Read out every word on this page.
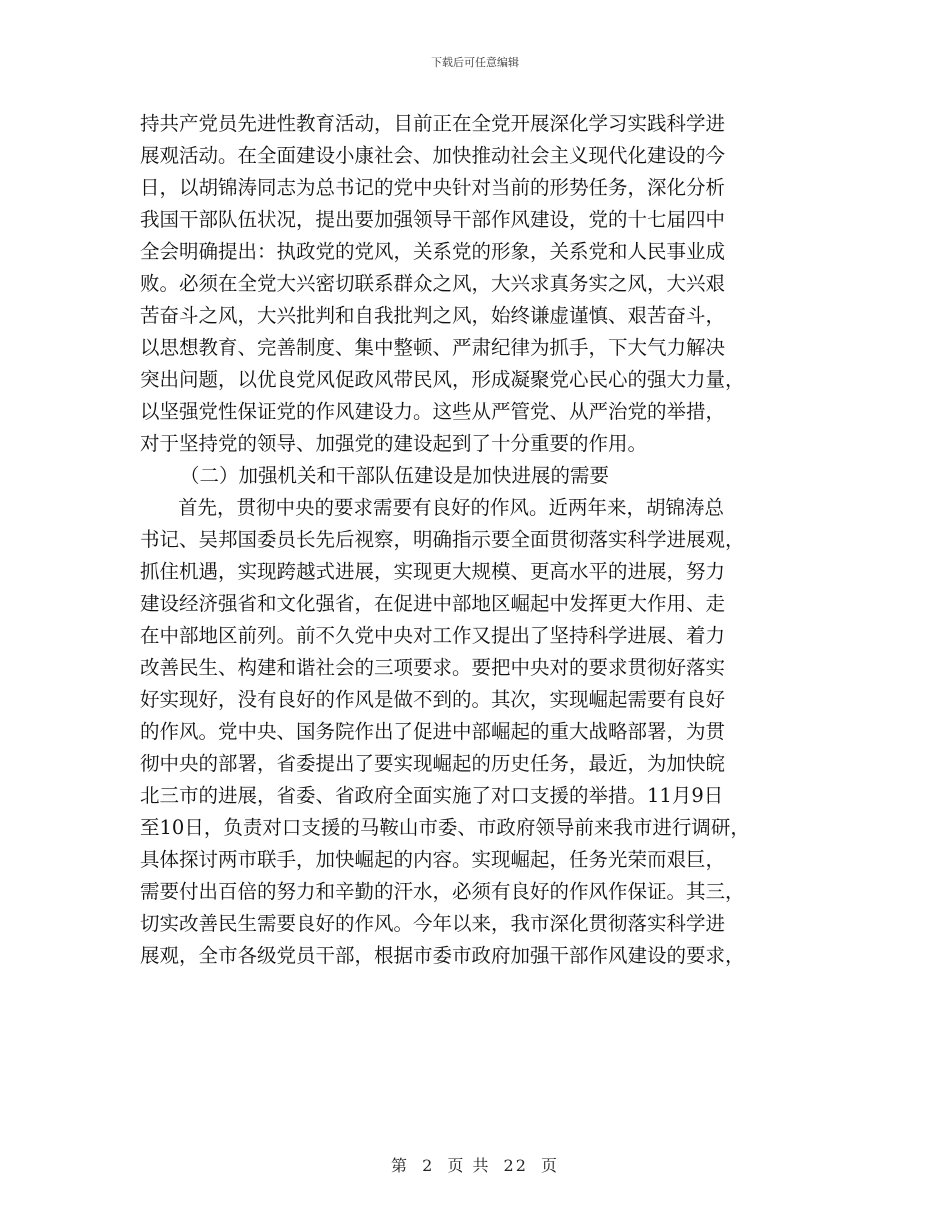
下载后可任意编辑
持共产党员先进性教育活动，目前正在全党开展深化学习实践科学进
展观活动。在全面建设小康社会、加快推动社会主义现代化建设的今
日，以胡锦涛同志为总书记的党中央针对当前的形势任务，深化分析
我国干部队伍状况，提出要加强领导干部作风建设，党的十七届四中
全会明确提出：执政党的党风，关系党的形象，关系党和人民事业成
败。必须在全党大兴密切联系群众之风，大兴求真务实之风，大兴艰
苦奋斗之风，大兴批判和自我批判之风，始终谦虚谨慎、艰苦奋斗，
以思想教育、完善制度、集中整顿、严肃纪律为抓手，下大气力解决
突出问题，以优良党风促政风带民风，形成凝聚党心民心的强大力量，
以坚强党性保证党的作风建设力。这些从严管党、从严治党的举措，
对于坚持党的领导、加强党的建设起到了十分重要的作用。
（二）加强机关和干部队伍建设是加快进展的需要
首先，贯彻中央的要求需要有良好的作风。近两年来，胡锦涛总
书记、吴邦国委员长先后视察，明确指示要全面贯彻落实科学进展观，
抓住机遇，实现跨越式进展，实现更大规模、更高水平的进展，努力
建设经济强省和文化强省，在促进中部地区崛起中发挥更大作用、走
在中部地区前列。前不久党中央对工作又提出了坚持科学进展、着力
改善民生、构建和谐社会的三项要求。要把中央对的要求贯彻好落实
好实现好，没有良好的作风是做不到的。其次，实现崛起需要有良好
的作风。党中央、国务院作出了促进中部崛起的重大战略部署，为贯
彻中央的部署，省委提出了要实现崛起的历史任务，最近，为加快皖
北三市的进展，省委、省政府全面实施了对口支援的举措。11月9日
至10日，负责对口支援的马鞍山市委、市政府领导前来我市进行调研，
具体探讨两市联手，加快崛起的内容。实现崛起，任务光荣而艰巨，
需要付出百倍的努力和辛勤的汗水，必须有良好的作风作保证。其三，
切实改善民生需要良好的作风。今年以来，我市深化贯彻落实科学进
展观，全市各级党员干部，根据市委市政府加强干部作风建设的要求，
第 2 页 共 22 页
